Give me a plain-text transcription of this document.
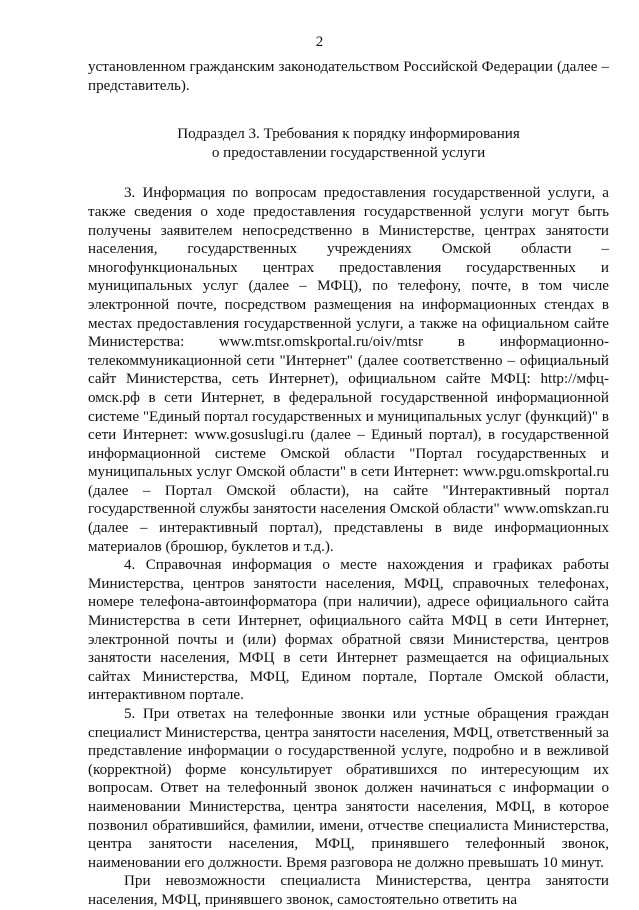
2

установленном гражданским законодательством Российской Федерации (далее – представитель).

Подраздел 3. Требования к порядку информирования
о предоставлении государственной услуги

3. Информация по вопросам предоставления государственной услуги, а также сведения о ходе предоставления государственной услуги могут быть получены заявителем непосредственно в Министерстве, центрах занятости населения, государственных учреждениях Омской области – многофункциональных центрах предоставления государственных и муниципальных услуг (далее – МФЦ), по телефону, почте, в том числе электронной почте, посредством размещения на информационных стендах в местах предоставления государственной услуги, а также на официальном сайте Министерства: www.mtsr.omskportal.ru/oiv/mtsr в информационно-телекоммуникационной сети "Интернет" (далее соответственно – официальный сайт Министерства, сеть Интернет), официальном сайте МФЦ: http://мфц-омск.рф в сети Интернет, в федеральной государственной информационной системе "Единый портал государственных и муниципальных услуг (функций)" в сети Интернет: www.gosuslugi.ru (далее – Единый портал), в государственной информационной системе Омской области "Портал государственных и муниципальных услуг Омской области" в сети Интернет: www.pgu.omskportal.ru (далее – Портал Омской области), на сайте "Интерактивный портал государственной службы занятости населения Омской области" www.omskzan.ru (далее – интерактивный портал), представлены в виде информационных материалов (брошюр, буклетов и т.д.).

4. Справочная информация о месте нахождения и графиках работы Министерства, центров занятости населения, МФЦ, справочных телефонах, номере телефона-автоинформатора (при наличии), адресе официального сайта Министерства в сети Интернет, официального сайта МФЦ в сети Интернет, электронной почты и (или) формах обратной связи Министерства, центров занятости населения, МФЦ в сети Интернет размещается на официальных сайтах Министерства, МФЦ, Едином портале, Портале Омской области, интерактивном портале.

5. При ответах на телефонные звонки или устные обращения граждан специалист Министерства, центра занятости населения, МФЦ, ответственный за представление информации о государственной услуге, подробно и в вежливой (корректной) форме консультирует обратившихся по интересующим их вопросам. Ответ на телефонный звонок должен начинаться с информации о наименовании Министерства, центра занятости населения, МФЦ, в которое позвонил обратившийся, фамилии, имени, отчестве специалиста Министерства, центра занятости населения, МФЦ, принявшего телефонный звонок, наименовании его должности. Время разговора не должно превышать 10 минут.

При невозможности специалиста Министерства, центра занятости населения, МФЦ, принявшего звонок, самостоятельно ответить на
